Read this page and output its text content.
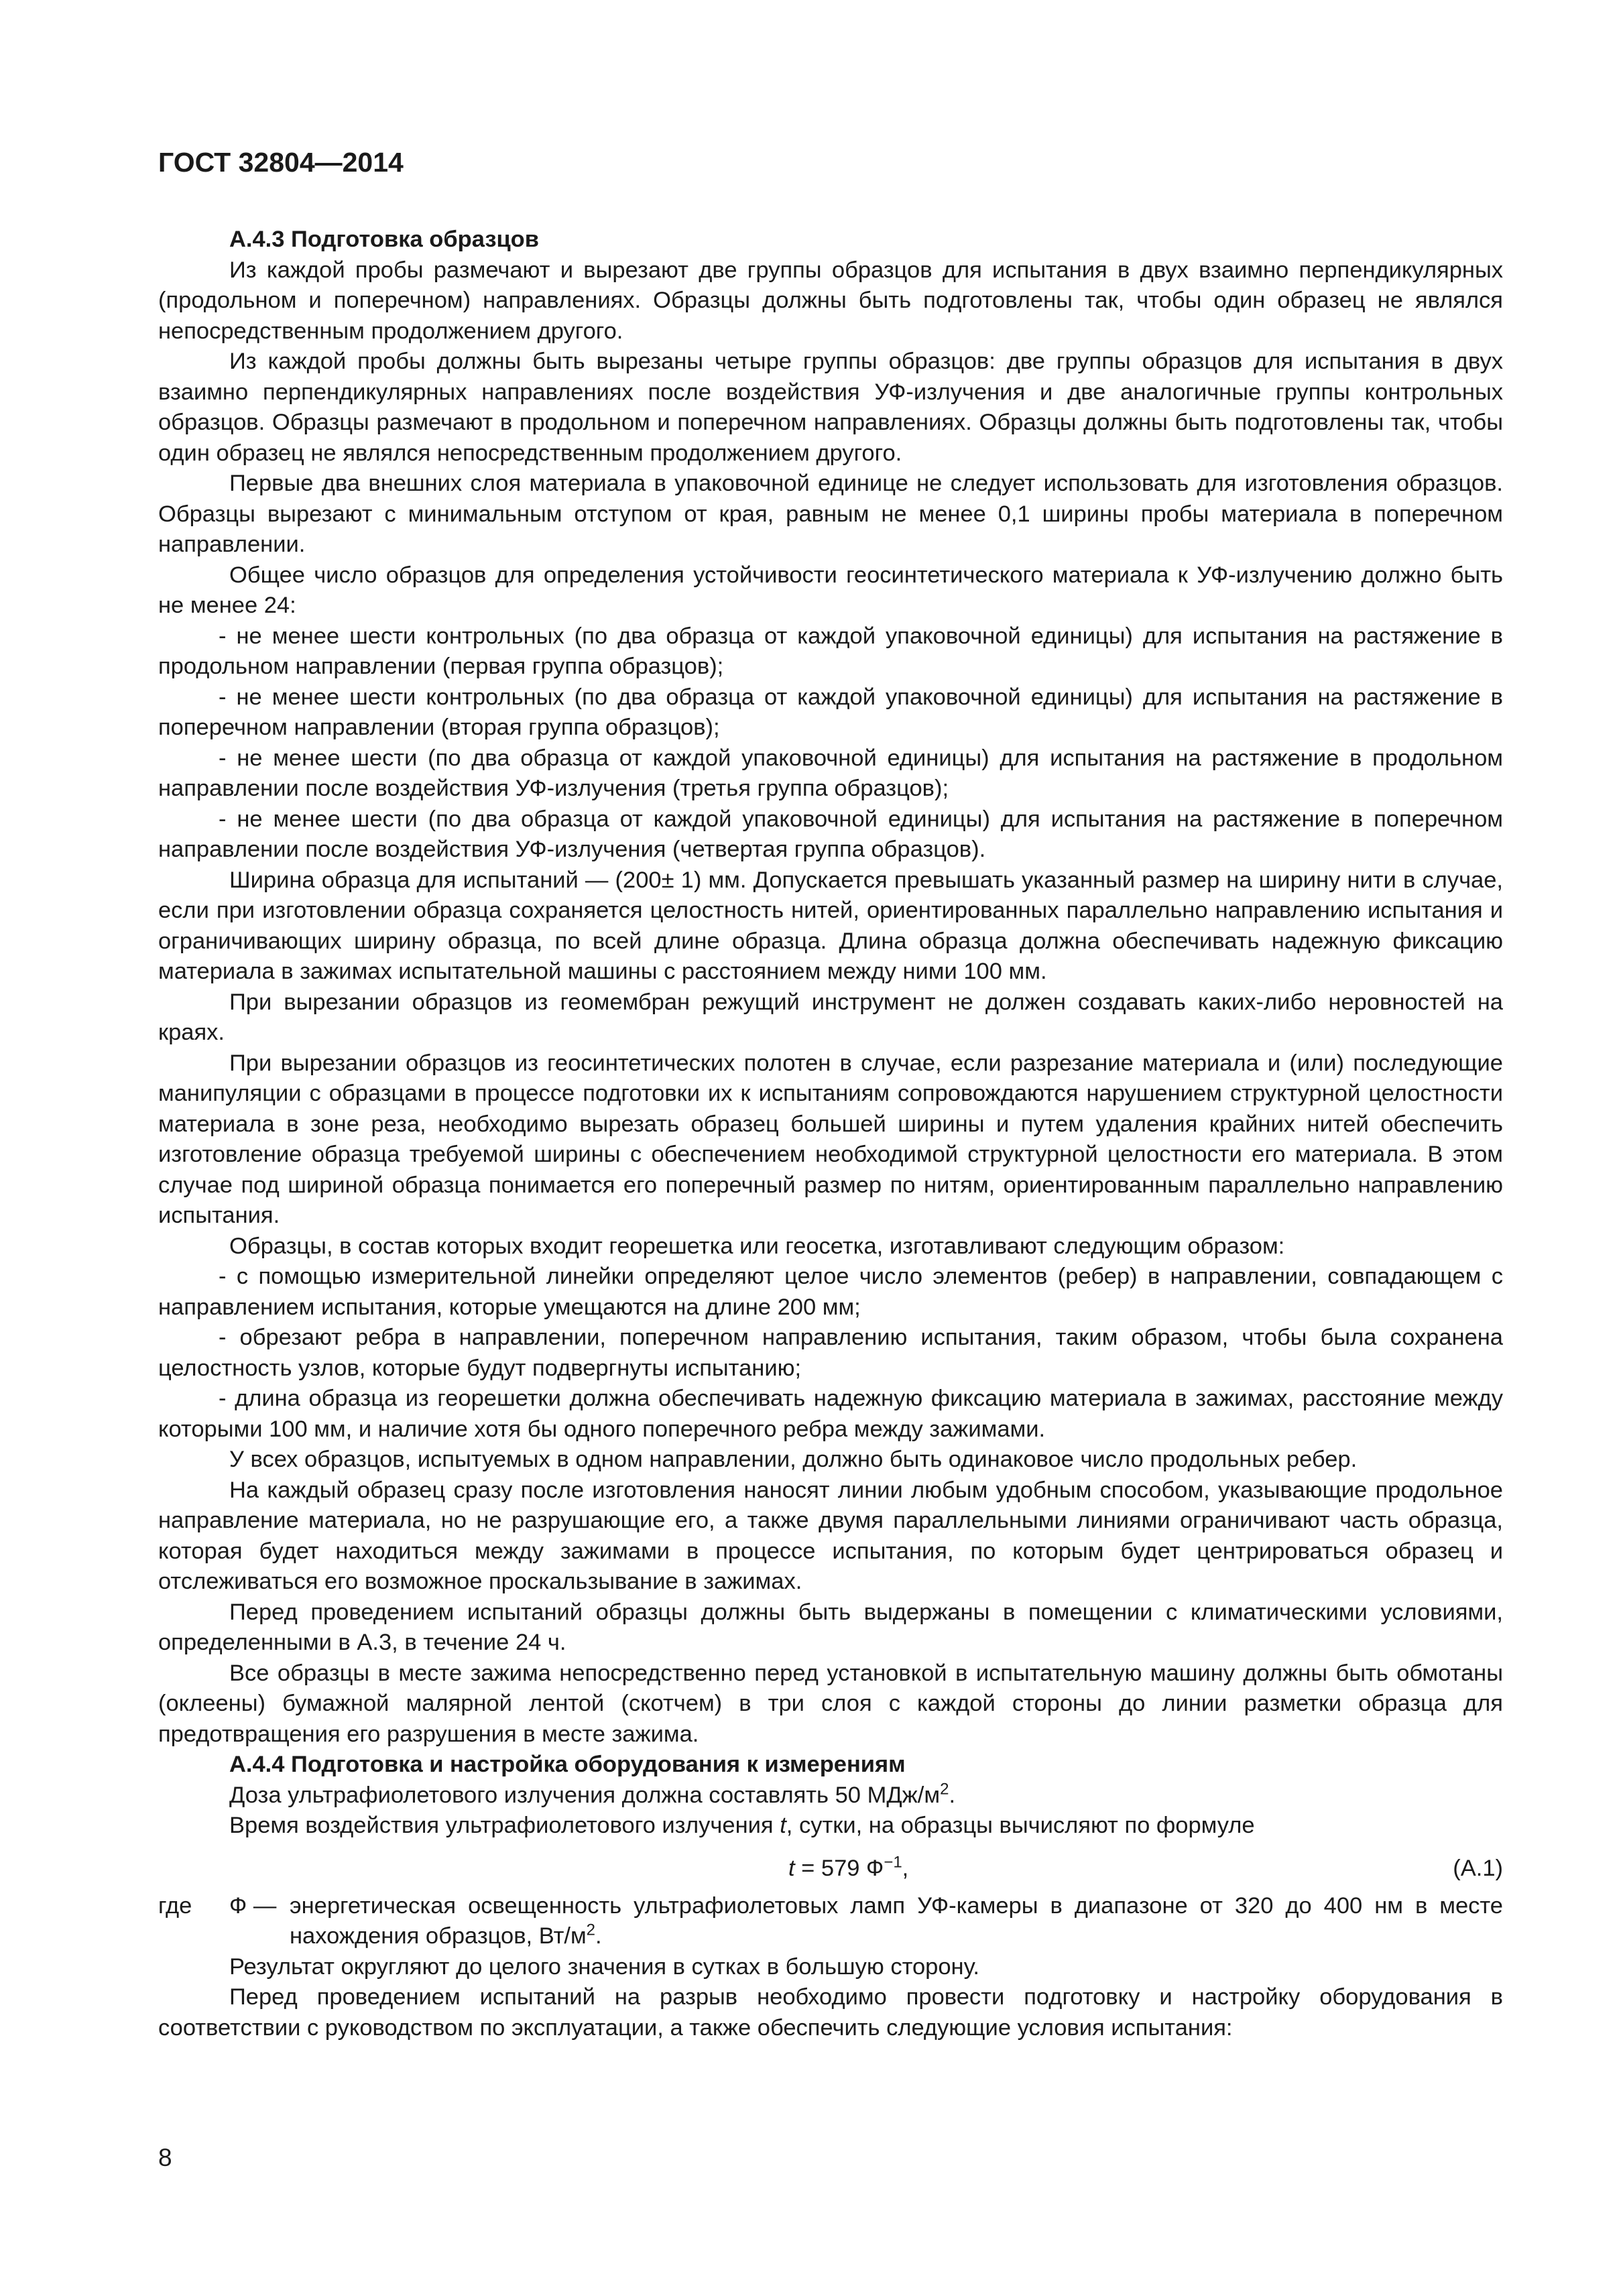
ГОСТ 32804—2014

А.4.3 Подготовка образцов

Из каждой пробы размечают и вырезают две группы образцов для испытания в двух взаимно перпендикулярных (продольном и поперечном) направлениях. Образцы должны быть подготовлены так, чтобы один образец не являлся непосредственным продолжением другого.

Из каждой пробы должны быть вырезаны четыре группы образцов: две группы образцов для испытания в двух взаимно перпендикулярных направлениях после воздействия УФ-излучения и две аналогичные группы контрольных образцов. Образцы размечают в продольном и поперечном направлениях. Образцы должны быть подготовлены так, чтобы один образец не являлся непосредственным продолжением другого.

Первые два внешних слоя материала в упаковочной единице не следует использовать для изготовления образцов. Образцы вырезают с минимальным отступом от края, равным не менее 0,1 ширины пробы материала в поперечном направлении.

Общее число образцов для определения устойчивости геосинтетического материала к УФ-излучению должно быть не менее 24:

- не менее шести контрольных (по два образца от каждой упаковочной единицы) для испытания на растяжение в продольном направлении (первая группа образцов);

- не менее шести контрольных (по два образца от каждой упаковочной единицы) для испытания на растяжение в поперечном направлении (вторая группа образцов);

- не менее шести (по два образца от каждой упаковочной единицы) для испытания на растяжение в продольном направлении после воздействия УФ-излучения (третья группа образцов);

- не менее шести (по два образца от каждой упаковочной единицы) для испытания на растяжение в поперечном направлении после воздействия УФ-излучения (четвертая группа образцов).

Ширина образца для испытаний — (200± 1) мм. Допускается превышать указанный размер на ширину нити в случае, если при изготовлении образца сохраняется целостность нитей, ориентированных параллельно направлению испытания и ограничивающих ширину образца, по всей длине образца. Длина образца должна обеспечивать надежную фиксацию материала в зажимах испытательной машины с расстоянием между ними 100 мм.

При вырезании образцов из геомембран режущий инструмент не должен создавать каких-либо неровностей на краях.

При вырезании образцов из геосинтетических полотен в случае, если разрезание материала и (или) последующие манипуляции с образцами в процессе подготовки их к испытаниям сопровождаются нарушением структурной целостности материала в зоне реза, необходимо вырезать образец большей ширины и путем удаления крайних нитей обеспечить изготовление образца требуемой ширины с обеспечением необходимой структурной целостности его материала. В этом случае под шириной образца понимается его поперечный размер по нитям, ориентированным параллельно направлению испытания.

Образцы, в состав которых входит георешетка или геосетка, изготавливают следующим образом:

- с помощью измерительной линейки определяют целое число элементов (ребер) в направлении, совпадающем с направлением испытания, которые умещаются на длине 200 мм;

- обрезают ребра в направлении, поперечном направлению испытания, таким образом, чтобы была сохранена целостность узлов, которые будут подвергнуты испытанию;

- длина образца из георешетки должна обеспечивать надежную фиксацию материала в зажимах, расстояние между которыми 100 мм, и наличие хотя бы одного поперечного ребра между зажимами.

У всех образцов, испытуемых в одном направлении, должно быть одинаковое число продольных ребер.

На каждый образец сразу после изготовления наносят линии любым удобным способом, указывающие продольное направление материала, но не разрушающие его, а также двумя параллельными линиями ограничивают часть образца, которая будет находиться между зажимами в процессе испытания, по которым будет центрироваться образец и отслеживаться его возможное проскальзывание в зажимах.

Перед проведением испытаний образцы должны быть выдержаны в помещении с климатическими условиями, определенными в А.3, в течение 24 ч.

Все образцы в месте зажима непосредственно перед установкой в испытательную машину должны быть обмотаны (оклеены) бумажной малярной лентой (скотчем) в три слоя с каждой стороны до линии разметки образца для предотвращения его разрушения в месте зажима.

А.4.4 Подготовка и настройка оборудования к измерениям

Доза ультрафиолетового излучения должна составлять 50 МДж/$м^2$.

Время воздействия ультрафиолетового излучения t, сутки, на образцы вычисляют по формуле

t = 579 $Ф^{-1}$,	(А.1)
где Ф — энергетическая освещенность ультрафиолетовых ламп УФ-камеры в диапазоне от 320 до 400 нм в месте нахождения образцов, $Вт/м^2$.

Результат округляют до целого значения в сутках в большую сторону.

Перед проведением испытаний на разрыв необходимо провести подготовку и настройку оборудования в соответствии с руководством по эксплуатации, а также обеспечить следующие условия испытания:

8
